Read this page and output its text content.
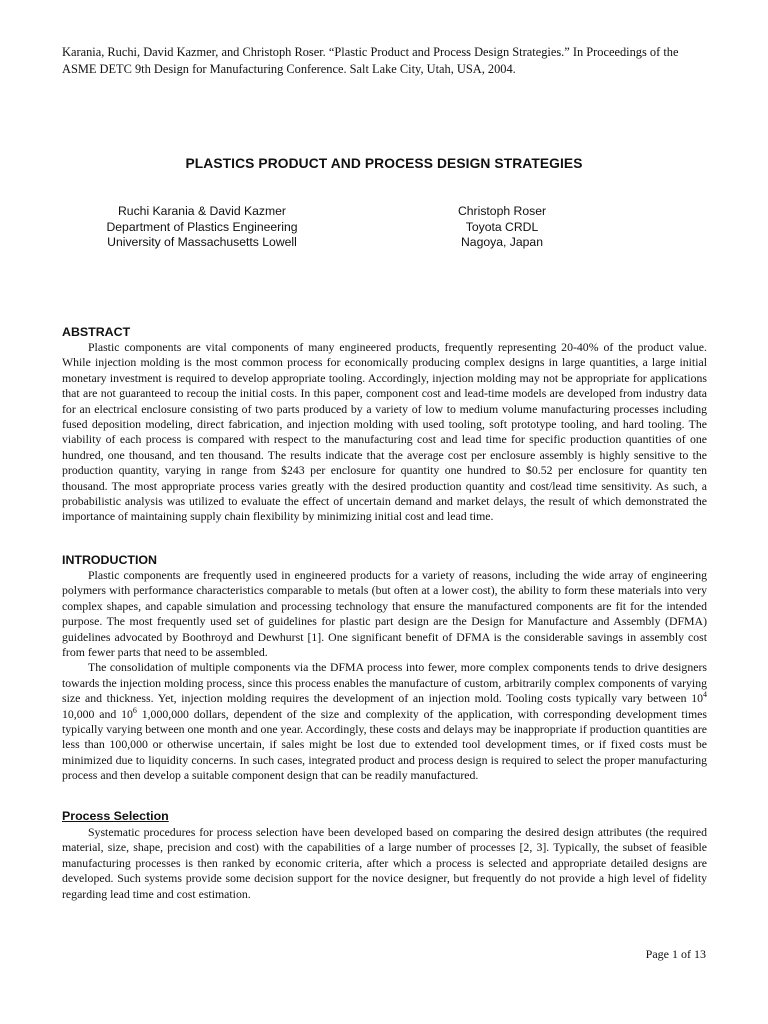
Karania, Ruchi, David Kazmer, and Christoph Roser. “Plastic Product and Process Design Strategies.” In Proceedings of the ASME DETC 9th Design for Manufacturing Conference. Salt Lake City, Utah, USA, 2004.

PLASTICS PRODUCT AND PROCESS DESIGN STRATEGIES
Ruchi Karania & David Kazmer
Department of Plastics Engineering
University of Massachusetts Lowell
Christoph Roser
Toyota CRDL
Nagoya, Japan
ABSTRACT

Plastic components are vital components of many engineered products, frequently representing 20-40% of the product value. While injection molding is the most common process for economically producing complex designs in large quantities, a large initial monetary investment is required to develop appropriate tooling. Accordingly, injection molding may not be appropriate for applications that are not guaranteed to recoup the initial costs. In this paper, component cost and lead-time models are developed from industry data for an electrical enclosure consisting of two parts produced by a variety of low to medium volume manufacturing processes including fused deposition modeling, direct fabrication, and injection molding with used tooling, soft prototype tooling, and hard tooling. The viability of each process is compared with respect to the manufacturing cost and lead time for specific production quantities of one hundred, one thousand, and ten thousand. The results indicate that the average cost per enclosure assembly is highly sensitive to the production quantity, varying in range from $243 per enclosure for quantity one hundred to $0.52 per enclosure for quantity ten thousand. The most appropriate process varies greatly with the desired production quantity and cost/lead time sensitivity. As such, a probabilistic analysis was utilized to evaluate the effect of uncertain demand and market delays, the result of which demonstrated the importance of maintaining supply chain flexibility by minimizing initial cost and lead time.

INTRODUCTION

Plastic components are frequently used in engineered products for a variety of reasons, including the wide array of engineering polymers with performance characteristics comparable to metals (but often at a lower cost), the ability to form these materials into very complex shapes, and capable simulation and processing technology that ensure the manufactured components are fit for the intended purpose. The most frequently used set of guidelines for plastic part design are the Design for Manufacture and Assembly (DFMA) guidelines advocated by Boothroyd and Dewhurst [1]. One significant benefit of DFMA is the considerable savings in assembly cost from fewer parts that need to be assembled.

The consolidation of multiple components via the DFMA process into fewer, more complex components tends to drive designers towards the injection molding process, since this process enables the manufacture of custom, arbitrarily complex components of varying size and thickness. Yet, injection molding requires the development of an injection mold. Tooling costs typically vary between $10^4$ 10,000 and $10^6$ 1,000,000 dollars, dependent of the size and complexity of the application, with corresponding development times typically varying between one month and one year. Accordingly, these costs and delays may be inappropriate if production quantities are less than 100,000 or otherwise uncertain, if sales might be lost due to extended tool development times, or if fixed costs must be minimized due to liquidity concerns. In such cases, integrated product and process design is required to select the proper manufacturing process and then develop a suitable component design that can be readily manufactured.

Process Selection

Systematic procedures for process selection have been developed based on comparing the desired design attributes (the required material, size, shape, precision and cost) with the capabilities of a large number of processes [2, 3]. Typically, the subset of feasible manufacturing processes is then ranked by economic criteria, after which a process is selected and appropriate detailed designs are developed. Such systems provide some decision support for the novice designer, but frequently do not provide a high level of fidelity regarding lead time and cost estimation.

Page 1 of 13
